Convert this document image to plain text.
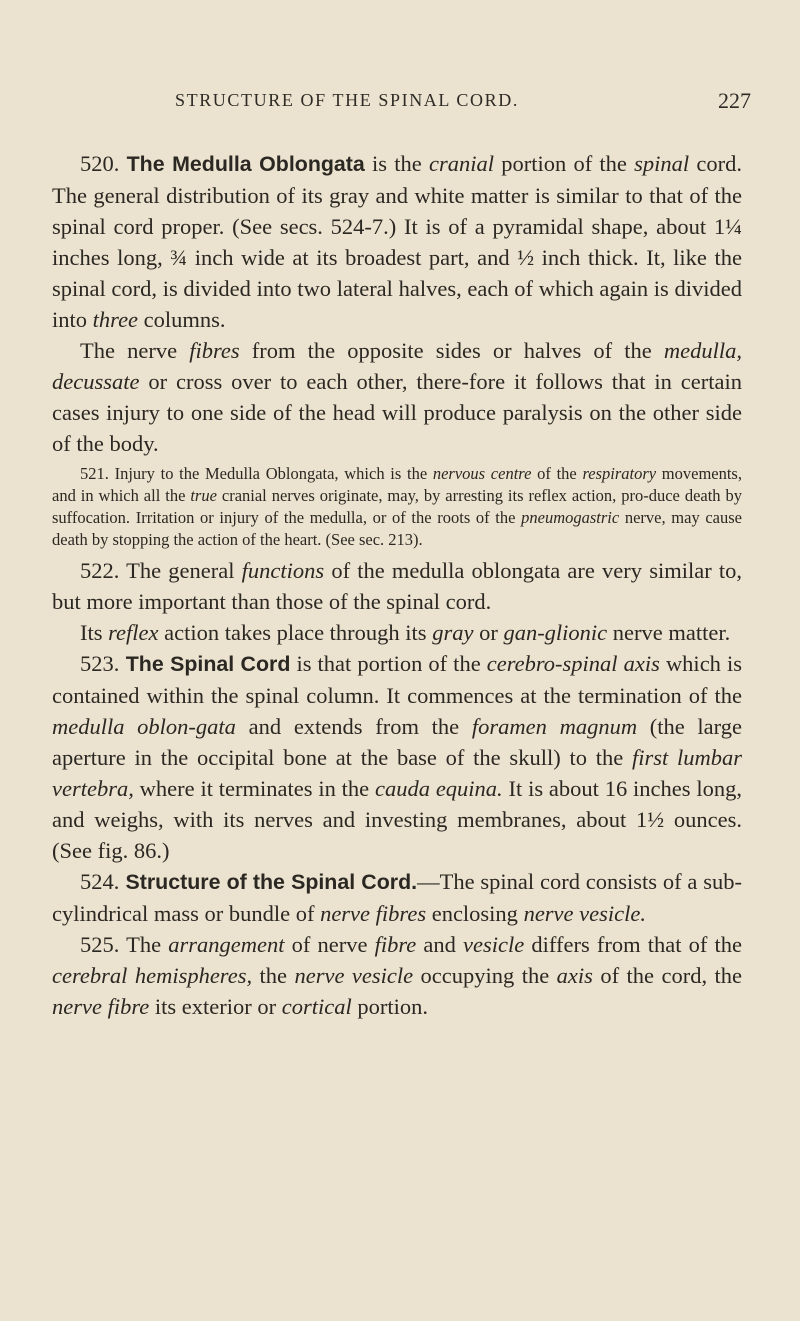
STRUCTURE OF THE SPINAL CORD.	227

520. The Medulla Oblongata is the cranial portion of the spinal cord. The general distribution of its gray and white matter is similar to that of the spinal cord proper. (See secs. 524-7.) It is of a pyramidal shape, about 1¼ inches long, ¾ inch wide at its broadest part, and ½ inch thick. It, like the spinal cord, is divided into two lateral halves, each of which again is divided into three columns.

The nerve fibres from the opposite sides or halves of the medulla, decussate or cross over to each other, there-fore it follows that in certain cases injury to one side of the head will produce paralysis on the other side of the body.

521. Injury to the Medulla Oblongata, which is the nervous centre of the respiratory movements, and in which all the true cranial nerves originate, may, by arresting its reflex action, pro-duce death by suffocation. Irritation or injury of the medulla, or of the roots of the pneumogastric nerve, may cause death by stopping the action of the heart. (See sec. 213).

522. The general functions of the medulla oblongata are very similar to, but more important than those of the spinal cord.

Its reflex action takes place through its gray or gan-glionic nerve matter.

523. The Spinal Cord is that portion of the cerebro-spinal axis which is contained within the spinal column. It commences at the termination of the medulla oblon-gata and extends from the foramen magnum (the large aperture in the occipital bone at the base of the skull) to the first lumbar vertebra, where it terminates in the cauda equina. It is about 16 inches long, and weighs, with its nerves and investing membranes, about 1½ ounces. (See fig. 86.)

524. Structure of the Spinal Cord.—The spinal cord consists of a sub-cylindrical mass or bundle of nerve fibres enclosing nerve vesicle.

525. The arrangement of nerve fibre and vesicle differs from that of the cerebral hemispheres, the nerve vesicle occupying the axis of the cord, the nerve fibre its exterior or cortical portion.
